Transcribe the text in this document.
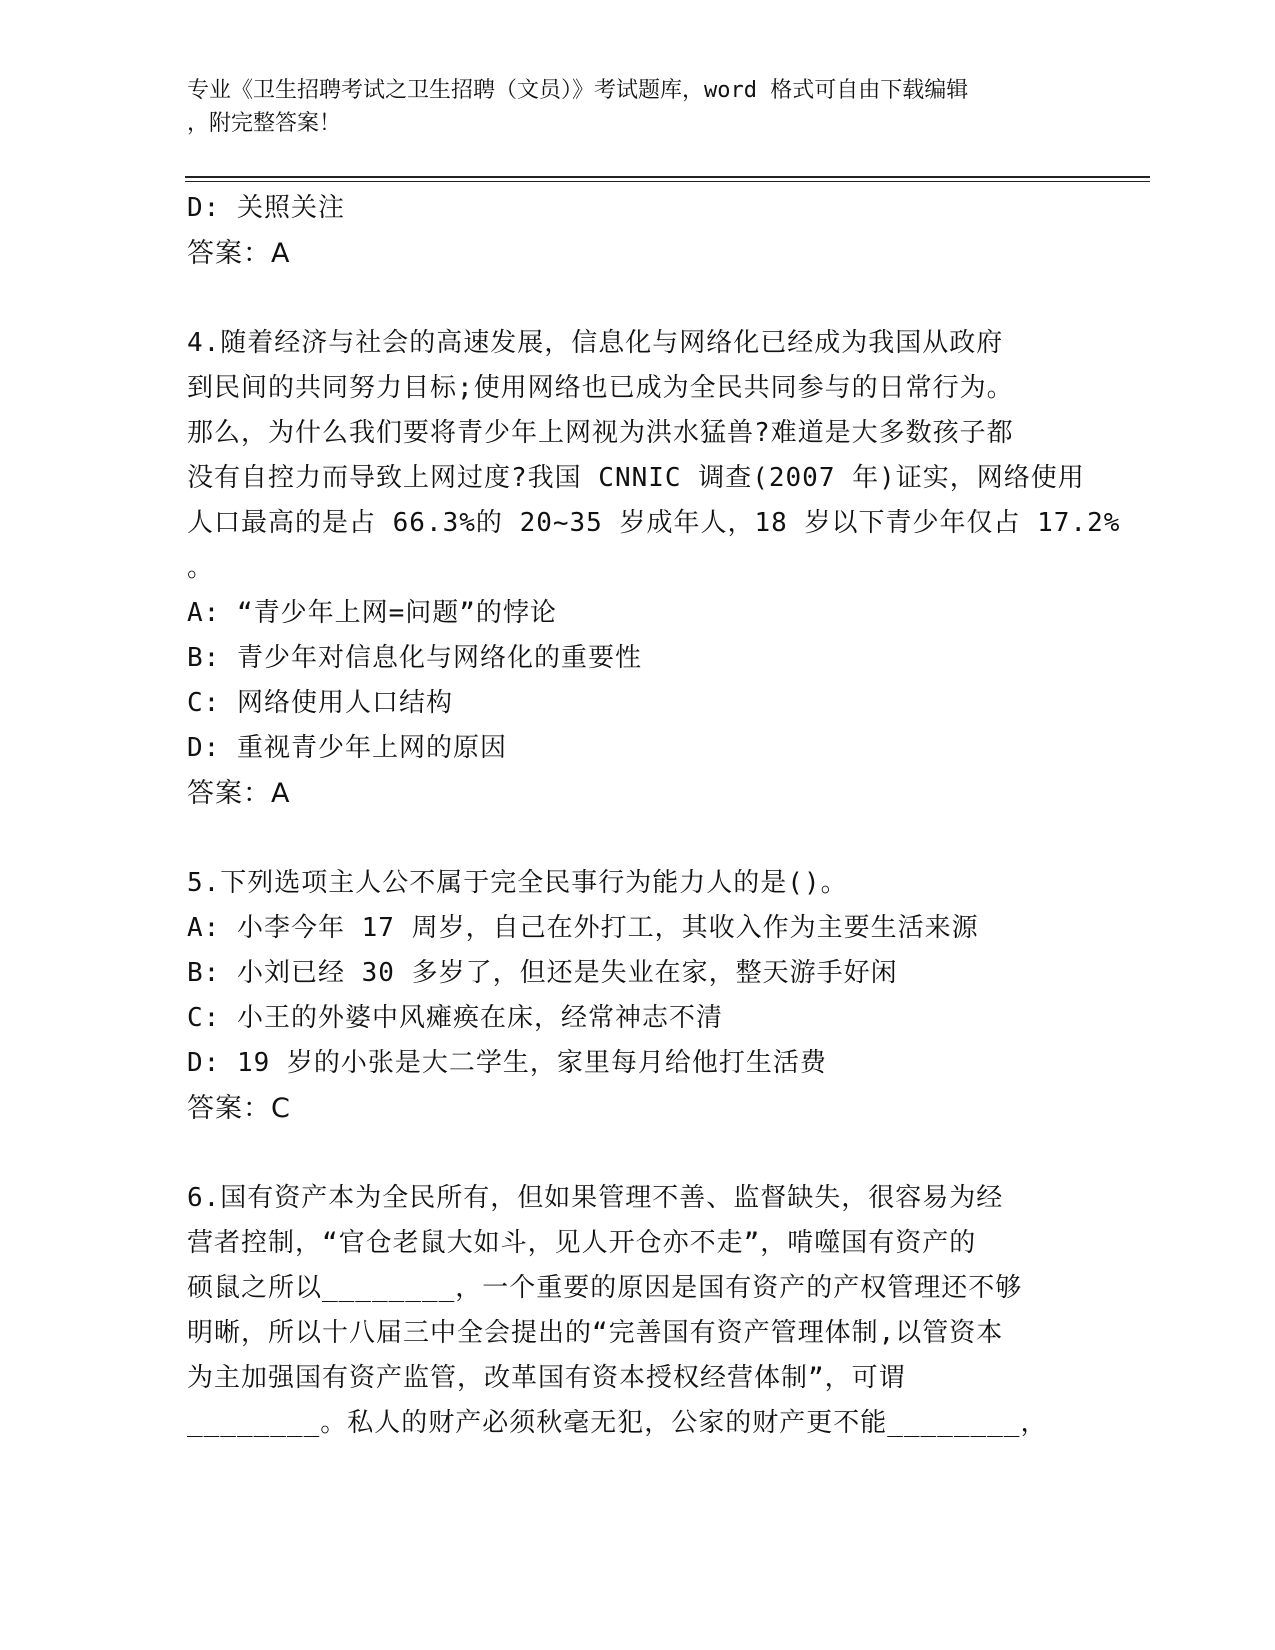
专业《卫生招聘考试之卫生招聘（文员）》考试题库，word 格式可自由下载编辑
，附完整答案！
D: 关照关注
答案：A
4.随着经济与社会的高速发展，信息化与网络化已经成为我国从政府
到民间的共同努力目标;使用网络也已成为全民共同参与的日常行为。
那么，为什么我们要将青少年上网视为洪水猛兽?难道是大多数孩子都
没有自控力而导致上网过度?我国 CNNIC 调查(2007 年)证实，网络使用
人口最高的是占 66.3%的 20~35 岁成年人，18 岁以下青少年仅占 17.2%
。
A: “青少年上网=问题”的悖论
B: 青少年对信息化与网络化的重要性
C: 网络使用人口结构
D: 重视青少年上网的原因
答案：A
5.下列选项主人公不属于完全民事行为能力人的是()。
A: 小李今年 17 周岁，自己在外打工，其收入作为主要生活来源
B: 小刘已经 30 多岁了，但还是失业在家，整天游手好闲
C: 小王的外婆中风瘫痪在床，经常神志不清
D: 19 岁的小张是大二学生，家里每月给他打生活费
答案：C
6.国有资产本为全民所有，但如果管理不善、监督缺失，很容易为经
营者控制，“官仓老鼠大如斗，见人开仓亦不走”，啃噬国有资产的
硕鼠之所以________，一个重要的原因是国有资产的产权管理还不够
明晰，所以十八届三中全会提出的“完善国有资产管理体制,以管资本
为主加强国有资产监管，改革国有资本授权经营体制”，可谓
________。私人的财产必须秋毫无犯，公家的财产更不能________，
